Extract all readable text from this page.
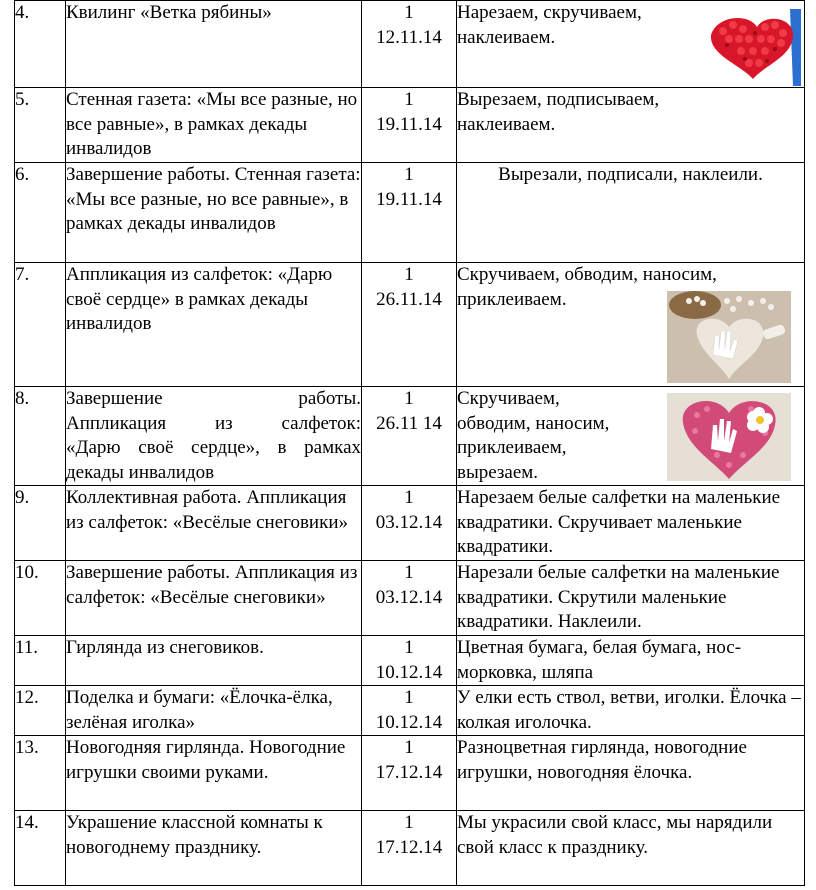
4.	Квилинг «Ветка рябины»	1
12.11.14	Нарезаем, скручиваем, наклеиваем.

5.	Стенная газета: «Мы все разные, но все равные», в рамках декады инвалидов	1
19.11.14	Вырезаем, подписываем, наклеиваем.

6.	Завершение работы. Стенная газета: «Мы все разные, но все равные», в рамках декады инвалидов	1
19.11.14	Вырезали, подписали, наклеили.
7.	Аппликация из салфеток: «Дарю своё сердце» в рамках декады инвалидов	1
26.11.14	Скручиваем, обводим, наносим, приклеиваем.

8.	Завершение работы.
Аппликация из салфеток:
«Дарю своё сердце», в рамках
декады инвалидов	1
26.11 14	Скручиваем,
обводим, наносим,
приклеиваем,
вырезаем.

9.	Коллективная работа. Аппликация из салфеток: «Весёлые снеговики»	1
03.12.14	Нарезаем белые салфетки на маленькие квадратики. Скручивает маленькие квадратики.
10.	Завершение работы. Аппликация из салфеток: «Весёлые снеговики»	1
03.12.14	Нарезали белые салфетки на маленькие квадратики. Скрутили маленькие квадратики. Наклеили.
11.	Гирлянда из снеговиков.	1
10.12.14	Цветная бумага, белая бумага, нос-морковка, шляпа
12.	Поделка и бумаги: «Ёлочка-ёлка, зелёная иголка»	1
10.12.14	У елки есть ствол, ветви, иголки. Ёлочка – колкая иголочка.
13.	Новогодняя гирлянда. Новогодние игрушки своими руками.	1
17.12.14	Разноцветная гирлянда, новогодние игрушки, новогодняя ёлочка.
14.	Украшение классной комнаты к новогоднему празднику.	1
17.12.14	Мы украсили свой класс, мы нарядили свой класс к празднику.
